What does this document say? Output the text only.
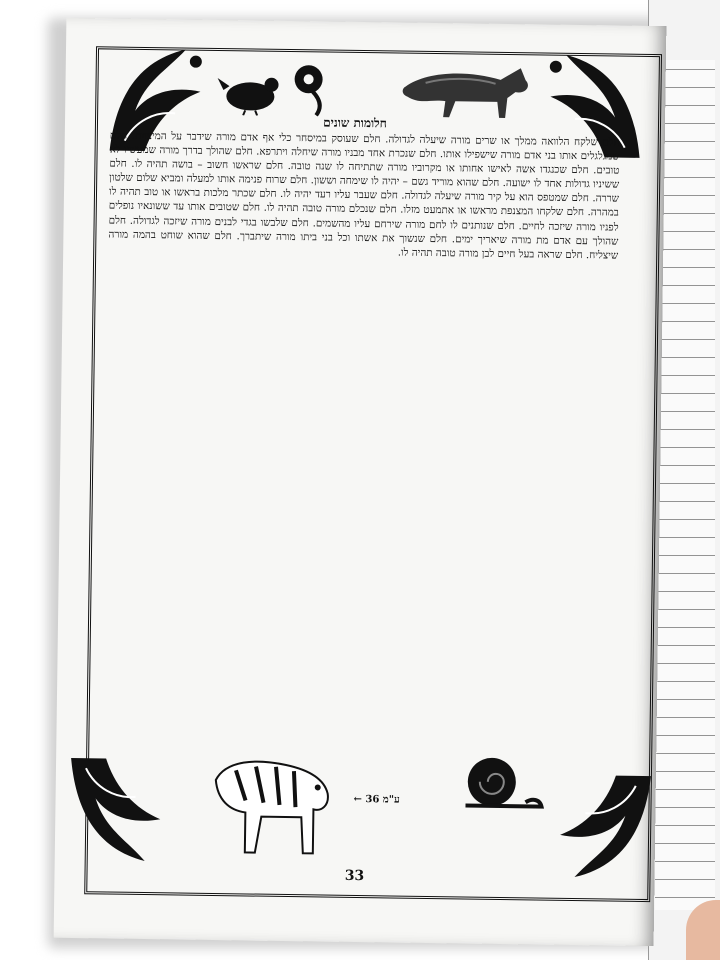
חלומות שונים

חלם שלקח הלוואה ממלך או שרים מורה שיעלה לגדולה. חלם שעוסק במיסחר כלי אף אדם מורה שידבר על המיצוות. חלם שמגלגלים אותו בני אדם מורה שישפילו אותו. חלם שנכרת אחד מבניו מורה שיחלה ויתרפא. חלם שהולך בדרך מורה שמעשיו לא טובים. חלם שכנגדו אשה לאישו אחותו או מקרוביו מורה שתתיחה לו שנה טובה. חלם שראשו חשוב – בושה תהיה לו. חלם ששיניו גדולות אחד לו ישועה. חלם שהוא מוריד גשם – יהיה לו שימחה וששון. חלם שרוח פנימה אותו למעלה ומביא שלום שלטון שררה. חלם שמטפס הוא על קיר מורה שיעלה לגדולה. חלם שעבר עליו רעד יהיה לו. חלם שכתר מלכות בראשו או טוב תהיה לו במהרה. חלם שלקחו המצנפת מראשו או אתמעט מזלו. חלם שנכלם מורה טובה תהיה לו. חלם שטובים אותו עד ששונאיו נופלים לפניו מורה שיזכה לחיים. חלם שנותנים לו לחם מורה שירחם עליו מהשמים. חלם שלבשו בגדי לבנים מורה שיזכה לגדולה. חלם שהולך עם אדם מת מורה שיאריך ימים. חלם שנשוך את אשתו וכל בני ביתו מורה שיתברך. חלם שהוא שוחט בהמה מורה שיצליח. חלם שראה בעל חיים לבן מורה טובה תהיה לו.

ע"מ 36 ←
33
